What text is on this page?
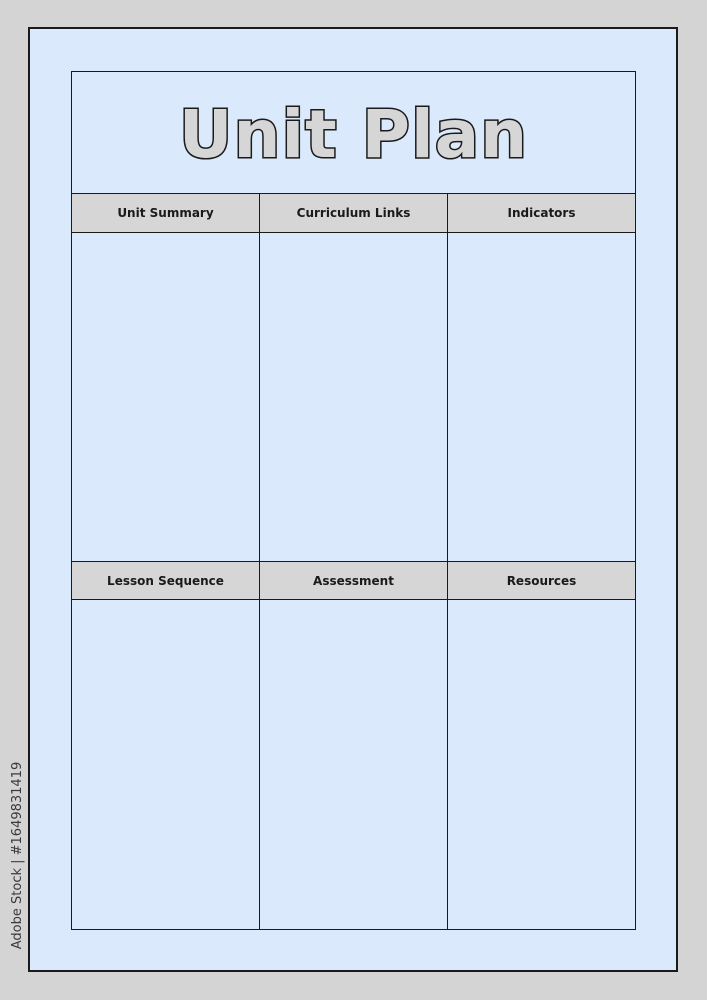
Unit Plan
Unit Summary	Curriculum Links	Indicators
Lesson Sequence	Assessment	Resources
Adobe Stock | #1649831419
